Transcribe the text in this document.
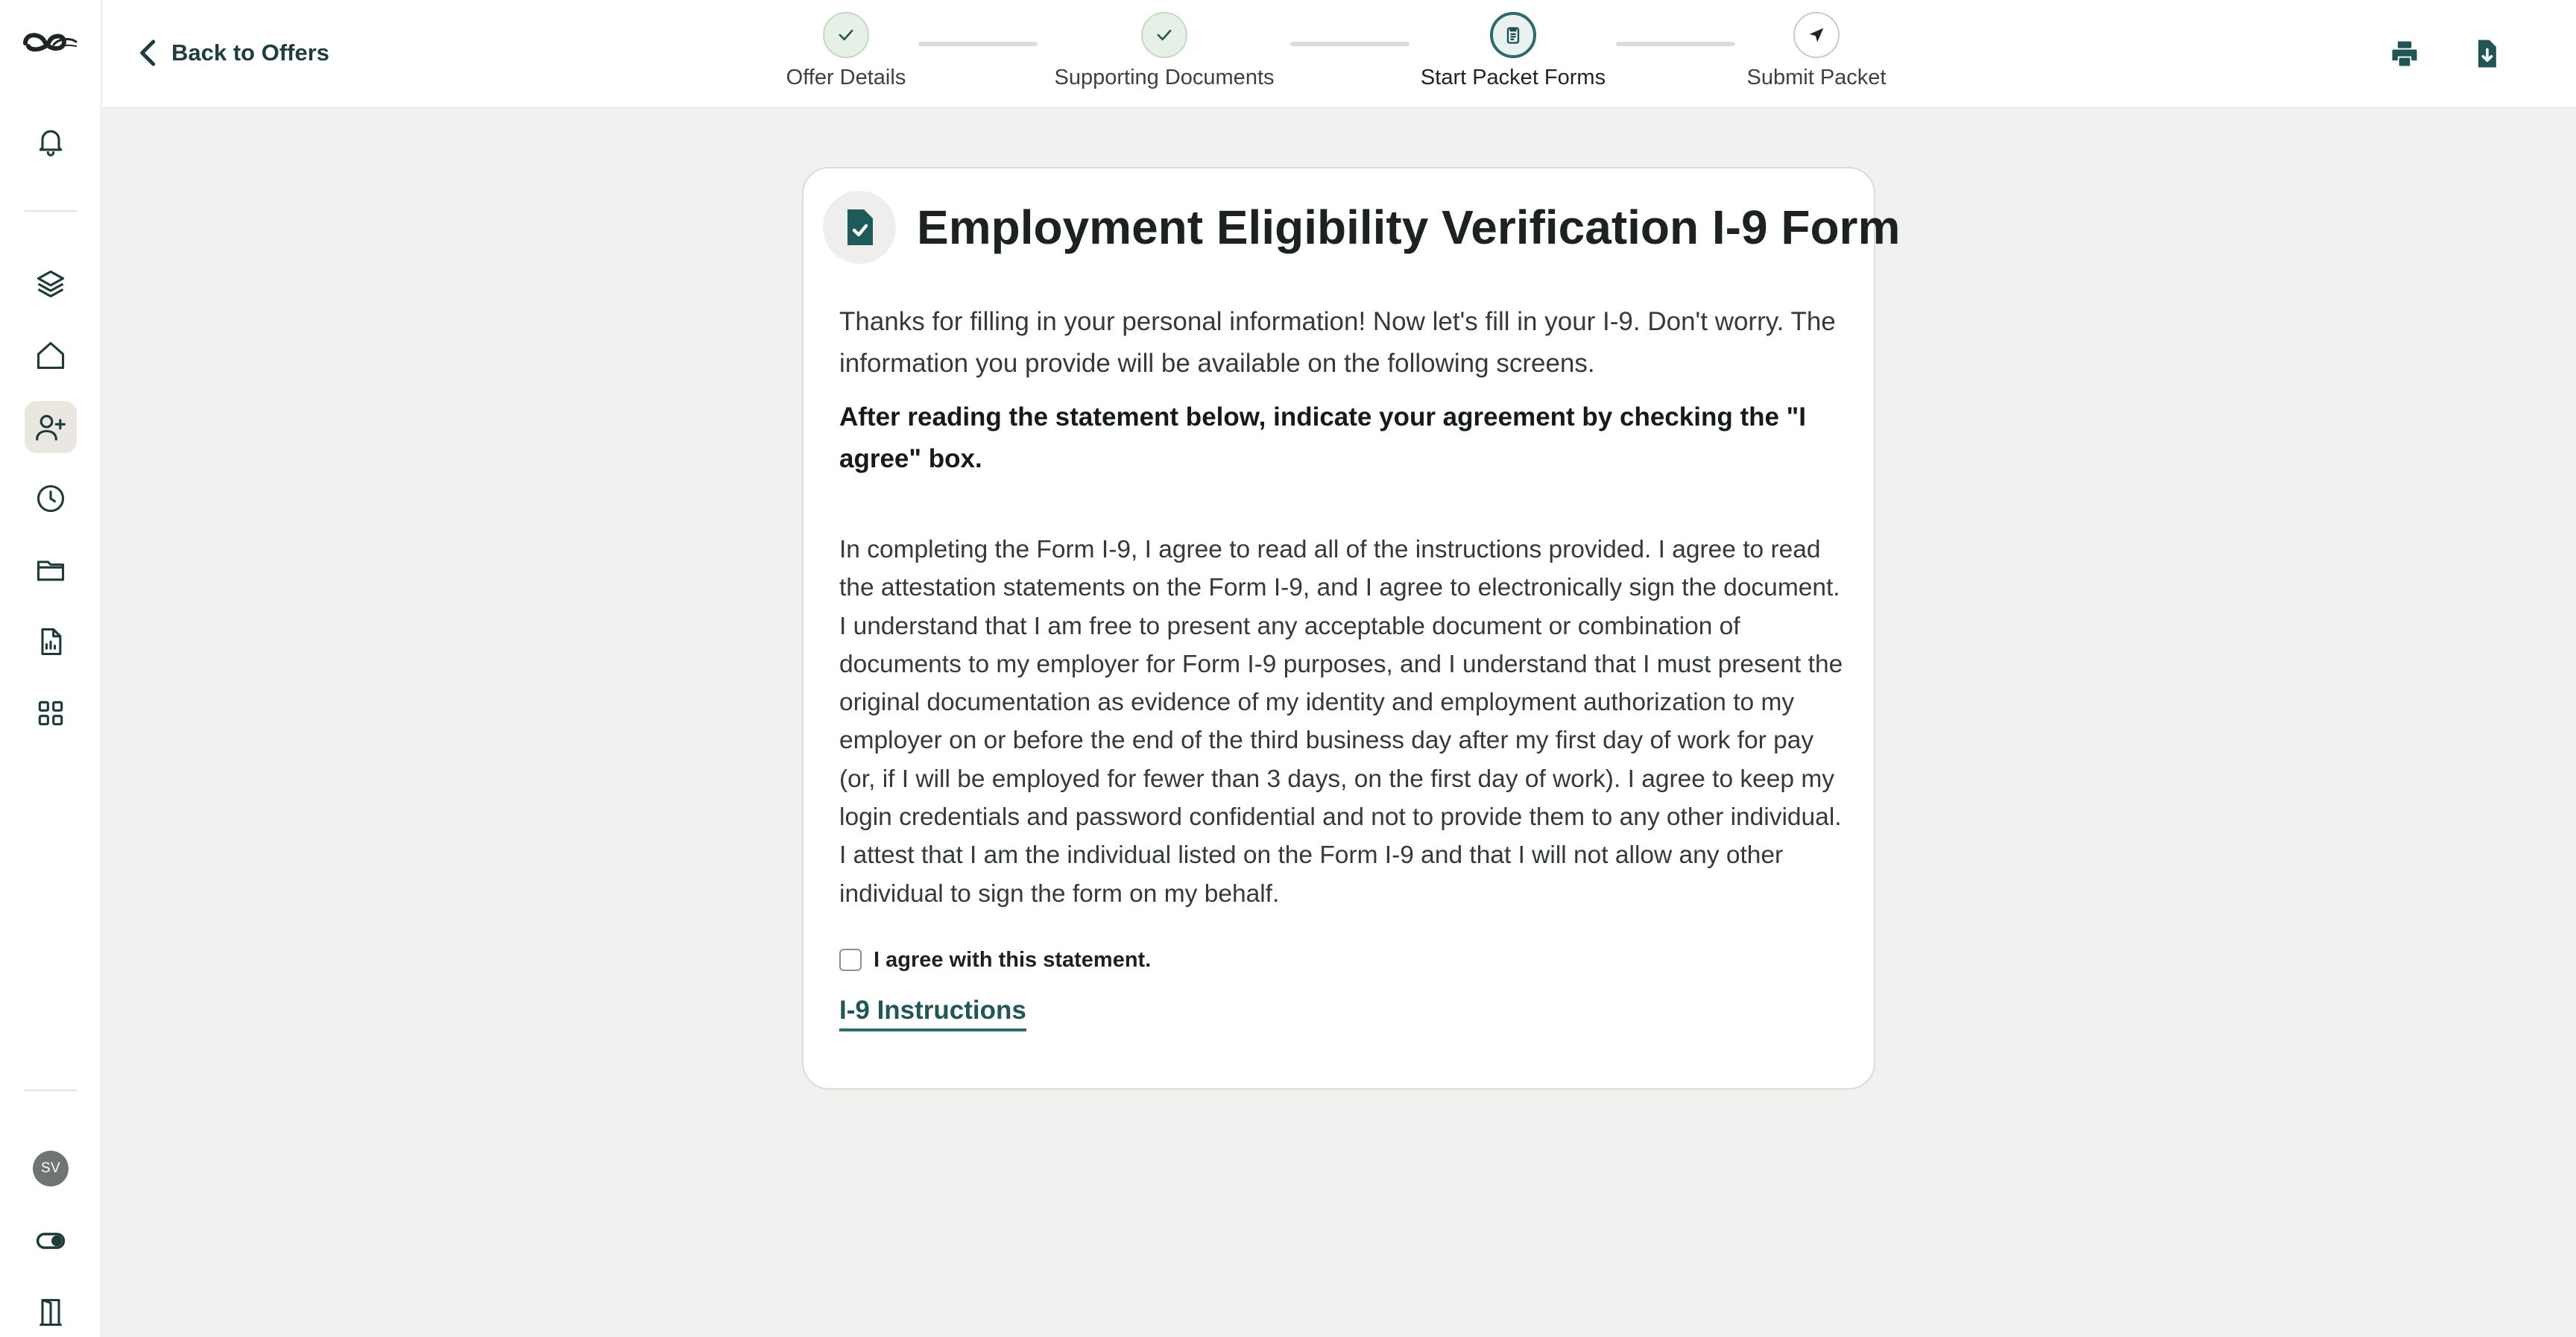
SV
Back to Offers
Offer Details	Supporting Documents	Start Packet Forms	Submit Packet
Employment Eligibility Verification I-9 Form

Thanks for filling in your personal information! Now let's fill in your I-9. Don't worry. The information you provide will be available on the following screens.

After reading the statement below, indicate your agreement by checking the "I agree" box.

In completing the Form I-9, I agree to read all of the instructions provided. I agree to read the attestation statements on the Form I-9, and I agree to electronically sign the document. I understand that I am free to present any acceptable document or combination of documents to my employer for Form I-9 purposes, and I understand that I must present the original documentation as evidence of my identity and employment authorization to my employer on or before the end of the third business day after my first day of work for pay (or, if I will be employed for fewer than 3 days, on the first day of work). I agree to keep my login credentials and password confidential and not to provide them to any other individual. I attest that I am the individual listed on the Form I-9 and that I will not allow any other individual to sign the form on my behalf.

I agree with this statement.
I-9 Instructions
